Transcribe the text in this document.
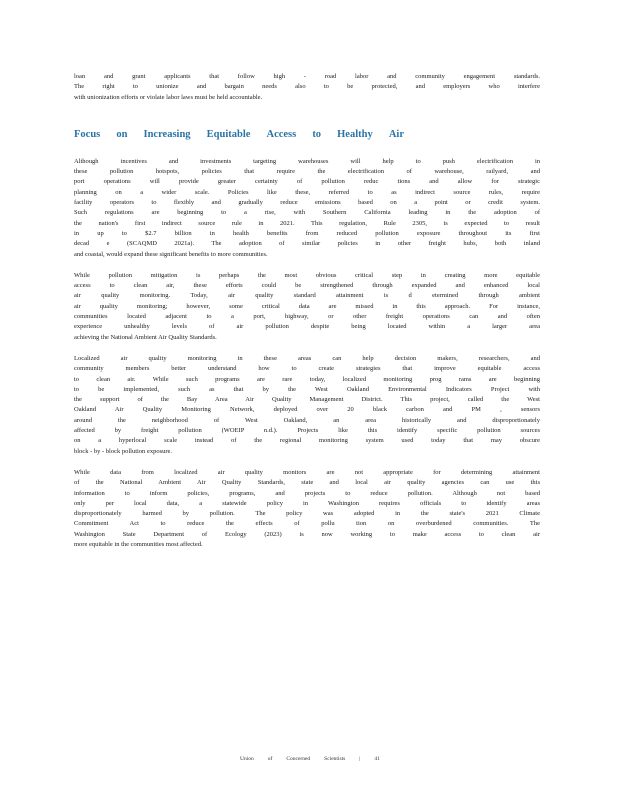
loan and grant applicants that follow high - road labor and community engagement standards.
The right to unionize and bargain needs also to be protected, and employers who interfere
with unionization efforts or violate labor laws must be held accountable.

Focus on Increasing Equitable Access to Healthy Air

Although incentives and investments targeting warehouses will help to push electrification in
these pollution hotspots, policies that require the electrification of warehouse, railyard, and
port operations will provide greater certainty of pollution reduc tions and allow for strategic
planning on a wider scale. Policies like these, referred to as indirect source rules, require
facility operators to flexibly and gradually reduce emissions based on a point or credit system.
Such regulations are beginning to a rise, with Southern California leading in the adoption of
the nation's first indirect source rule in 2021. This regulation, Rule 2305, is expected to result
in up to $2.7 billion in health benefits from reduced pollution exposure throughout its first
decad e (SCAQMD 2021a). The adoption of similar policies in other freight hubs, both inland
and coastal, would expand these significant benefits to more communities.

While pollution mitigation is perhaps the most obvious critical step in creating more equitable
access to clean air, these efforts could be strengthened through expanded and enhanced local
air quality monitoring. Today, air quality standard attainment is d etermined through ambient
air quality monitoring; however, some critical data are missed in this approach. For instance,
communities located adjacent to a port, highway, or other freight operations can and often
experience unhealthy levels of air pollution despite being located within a larger area
achieving the National Ambient Air Quality Standards.

Localized air quality monitoring in these areas can help decision makers, researchers, and
community members better understand how to create strategies that improve equitable access
to clean air. While such programs are rare today, localized monitoring prog rams are beginning
to be implemented, such as that by the West Oakland Environmental Indicators Project with
the support of the Bay Area Air Quality Management District. This project, called the West
Oakland Air Quality Monitoring Network, deployed over 20 black carbon and PM , sensors
around the neighborhood of West Oakland, an area historically and disproportionately
affected by freight pollution (WOEIP n.d.). Projects like this identify specific pollution sources
on a hyperlocal scale instead of the regional monitoring system used today that may obscure
block - by - block pollution exposure.

While data from localized air quality monitors are not appropriate for determining attainment
of the National Ambient Air Quality Standards, state and local air quality agencies can use this
information to inform policies, programs, and projects to reduce pollution. Although not based
only per local data, a statewide policy in Washington requires officials to identify areas
disproportionately harmed by pollution. The policy was adopted in the state's 2021 Climate
Commitment Act to reduce the effects of pollu tion on overburdened communities. The
Washington State Department of Ecology (2023) is now working to make access to clean air
more equitable in the communities most affected.

Union	of	Concerned	Scientists	|	41
